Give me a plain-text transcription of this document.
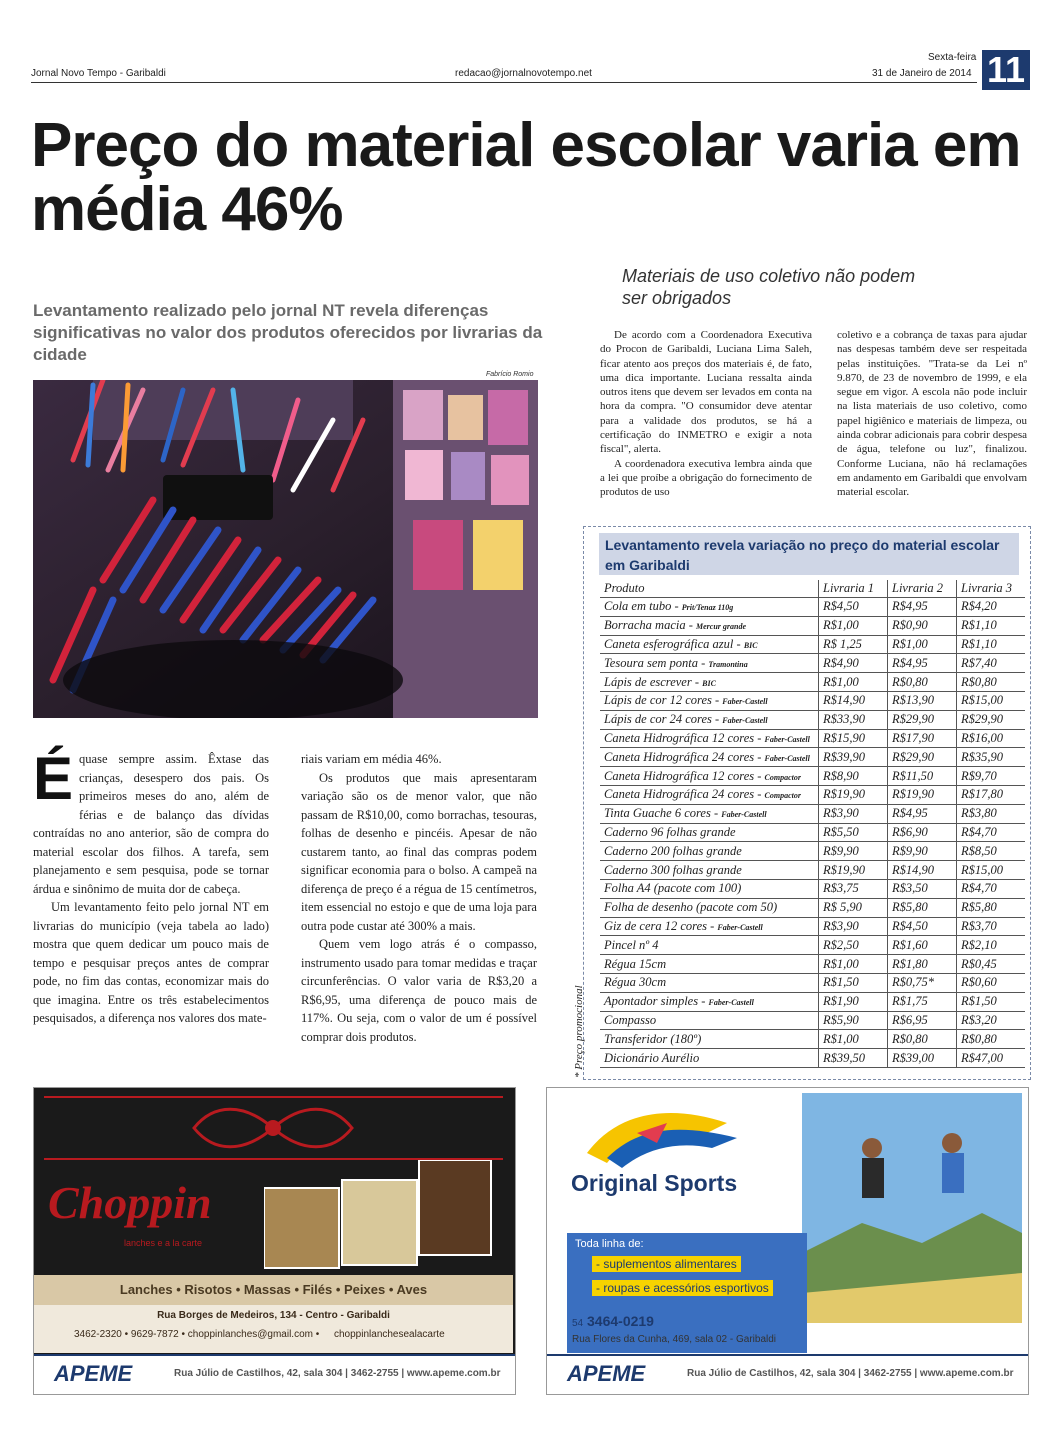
Jornal Novo Tempo - Garibaldi	redacao@jornalnovotempo.net
Sexta-feira
31 de Janeiro de 2014 11
Preço do material escolar varia em média 46%
Levantamento realizado pelo jornal NT revela diferenças significativas no valor dos produtos oferecidos por livrarias da cidade
Fabrício Romio

Équase sempre assim. Êxtase das crianças, desespero dos pais. Os primeiros meses do ano, além de férias e de balanço das dívidas contraídas no ano anterior, são de compra do material escolar dos filhos. A tarefa, sem planejamento e sem pesquisa, pode se tornar árdua e sinônimo de muita dor de cabeça.

Um levantamento feito pelo jornal NT em livrarias do município (veja tabela ao lado) mostra que quem dedicar um pouco mais de tempo e pesquisar preços antes de comprar pode, no fim das contas, economizar mais do que imagina. Entre os três estabelecimentos pesquisados, a diferença nos valores dos mate-

riais variam em média 46%.

Os produtos que mais apresentaram variação são os de menor valor, que não passam de R$10,00, como borrachas, tesouras, folhas de desenho e pincéis. Apesar de não custarem tanto, ao final das compras podem significar economia para o bolso. A campeã na diferença de preço é a régua de 15 centímetros, item essencial no estojo e que de uma loja para outra pode custar até 300% a mais.

Quem vem logo atrás é o compasso, instrumento usado para tomar medidas e traçar circunferências. O valor varia de R$3,20 a R$6,95, uma diferença de pouco mais de 117%. Ou seja, com o valor de um é possível comprar dois produtos.

Materiais de uso coletivo não podem ser obrigados

De acordo com a Coordenadora Executiva do Procon de Garibaldi, Luciana Lima Saleh, ficar atento aos preços dos materiais é, de fato, uma dica importante. Luciana ressalta ainda outros itens que devem ser levados em conta na hora da compra. "O consumidor deve atentar para a validade dos produtos, se há a certificação do INMETRO e exigir a nota fiscal", alerta.

A coordenadora executiva lembra ainda que a lei que proíbe a obrigação do fornecimento de produtos de uso

coletivo e a cobrança de taxas para ajudar nas despesas também deve ser respeitada pelas instituições. "Trata-se da Lei nº 9.870, de 23 de novembro de 1999, e ela segue em vigor. A escola não pode incluir na lista materiais de uso coletivo, como papel higiênico e materiais de limpeza, ou ainda cobrar adicionais para cobrir despesa de água, telefone ou luz", finalizou. Conforme Luciana, não há reclamações em andamento em Garibaldi que envolvam material escolar.

Levantamento revela variação no preço do material escolar em Garibaldi
Produto	Livraria 1	Livraria 2	Livraria 3
Cola em tubo - Prit/Tenaz 110g	R$4,50	R$4,95	R$4,20
Borracha macia - Mercur grande	R$1,00	R$0,90	R$1,10
Caneta esferográfica azul - BIC	R$ 1,25	R$1,00	R$1,10
Tesoura sem ponta - Tramontina	R$4,90	R$4,95	R$7,40
Lápis de escrever - BIC	R$1,00	R$0,80	R$0,80
Lápis de cor 12 cores - Faber-Castell	R$14,90	R$13,90	R$15,00
Lápis de cor 24 cores - Faber-Castell	R$33,90	R$29,90	R$29,90
Caneta Hidrográfica 12 cores - Faber-Castell	R$15,90	R$17,90	R$16,00
Caneta Hidrográfica 24 cores - Faber-Castell	R$39,90	R$29,90	R$35,90
Caneta Hidrográfica 12 cores - Compactor	R$8,90	R$11,50	R$9,70
Caneta Hidrográfica 24 cores - Compactor	R$19,90	R$19,90	R$17,80
Tinta Guache 6 cores - Faber-Castell	R$3,90	R$4,95	R$3,80
Caderno 96 folhas grande	R$5,50	R$6,90	R$4,70
Caderno 200 folhas grande	R$9,90	R$9,90	R$8,50
Caderno 300 folhas grande	R$19,90	R$14,90	R$15,00
Folha A4 (pacote com 100)	R$3,75	R$3,50	R$4,70
Folha de desenho (pacote com 50)	R$ 5,90	R$5,80	R$5,80
Giz de cera 12 cores - Faber-Castell	R$3,90	R$4,50	R$3,70
Pincel nº 4	R$2,50	R$1,60	R$2,10
Régua 15cm	R$1,00	R$1,80	R$0,45
Régua 30cm	R$1,50	R$0,75*	R$0,60
Apontador simples - Faber-Castell	R$1,90	R$1,75	R$1,50
Compasso	R$5,90	R$6,95	R$3,20
Transferidor (180º)	R$1,00	R$0,80	R$0,80
Dicionário Aurélio	R$39,50	R$39,00	R$47,00
* Preço promocional
Choppin
lanches e a la carte
Lanches • Risotos • Massas • Filés • Peixes • Aves
Rua Borges de Medeiros, 134 - Centro - Garibaldi
3462-2320 • 9629-7872 • choppinlanches@gmail.com • choppinlanchesealacarte
APEME	Rua Júlio de Castilhos, 42, sala 304 | 3462-2755 | www.apeme.com.br
Original Sports
Toda linha de:
- suplementos alimentares
- roupas e acessórios esportivos
54 3464-0219
Rua Flores da Cunha, 469, sala 02 - Garibaldi
APEME	Rua Júlio de Castilhos, 42, sala 304 | 3462-2755 | www.apeme.com.br
